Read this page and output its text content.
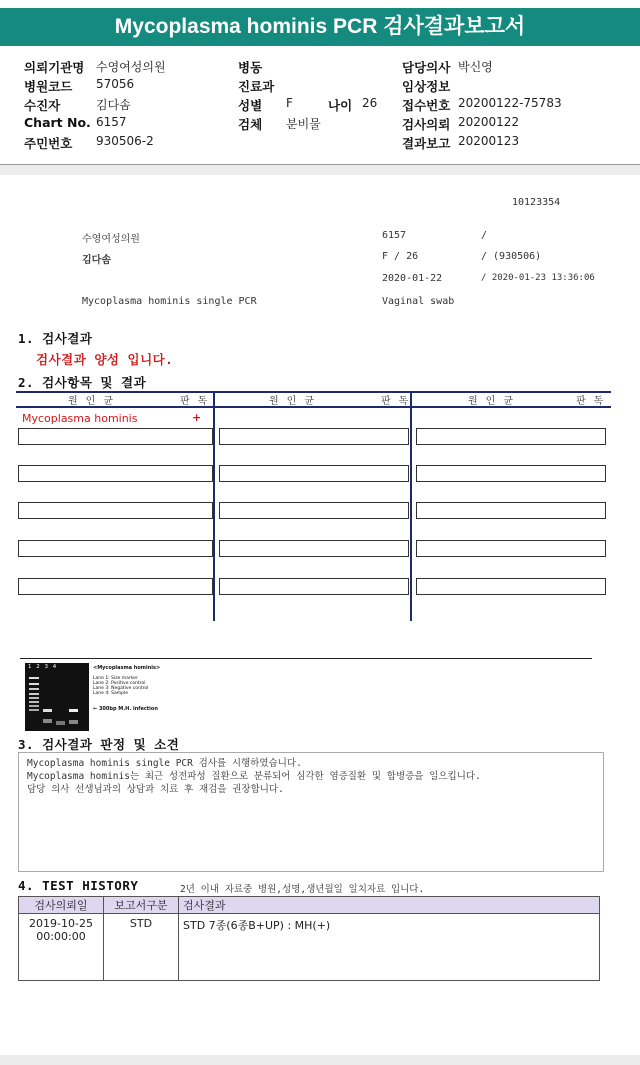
Mycoplasma hominis PCR 검사결과보고서
의뢰기관명 수영여성의원
병원코드 57056
수진자	김다솜
Chart No. 6157
주민번호 930506-2
병동
진료과
성별 F	나이 26
검체 분비물
담당의사 박신영
임상정보
접수번호 20200122-75783
검사의뢰 20200122
결과보고 20200123
10123354
수영여성의원	6157	/
김다솜	F / 26	/ (930506)
2020-01-22	/ 2020-01-23 13:36:06
Mycoplasma hominis single PCR	Vaginal swab
1. 검사결과
검사결과 양성 입니다.
2. 검사항목 및 결과
원 인 균	판 독	원 인 균	판 독	원 인 균	판 독
Mycoplasma hominis	+
1 2 3 4	<Mycoplasma hominis>
Lane 1: Size marker
Lane 2: Positive control
Lane 3: Negative control
Lane 4: Sample
← 300bp M.H. infection
3. 검사결과 판정 및 소견
Mycoplasma hominis single PCR 검사를 시행하였습니다.
Mycoplasma hominis는 최근 성전파성 질환으로 분류되어 심각한 염증질환 및 합병증을 일으킵니다.
담당 의사 선생님과의 상담과 치료 후 재검을 권장합니다.
4. TEST HISTORY	2년 이내 자료중 병원,성명,생년월일 일치자료 입니다.
검사의뢰일	보고서구분	검사결과

2019-10-25
00:00:00	STD	STD 7종(6종B+UP) : MH(+)
